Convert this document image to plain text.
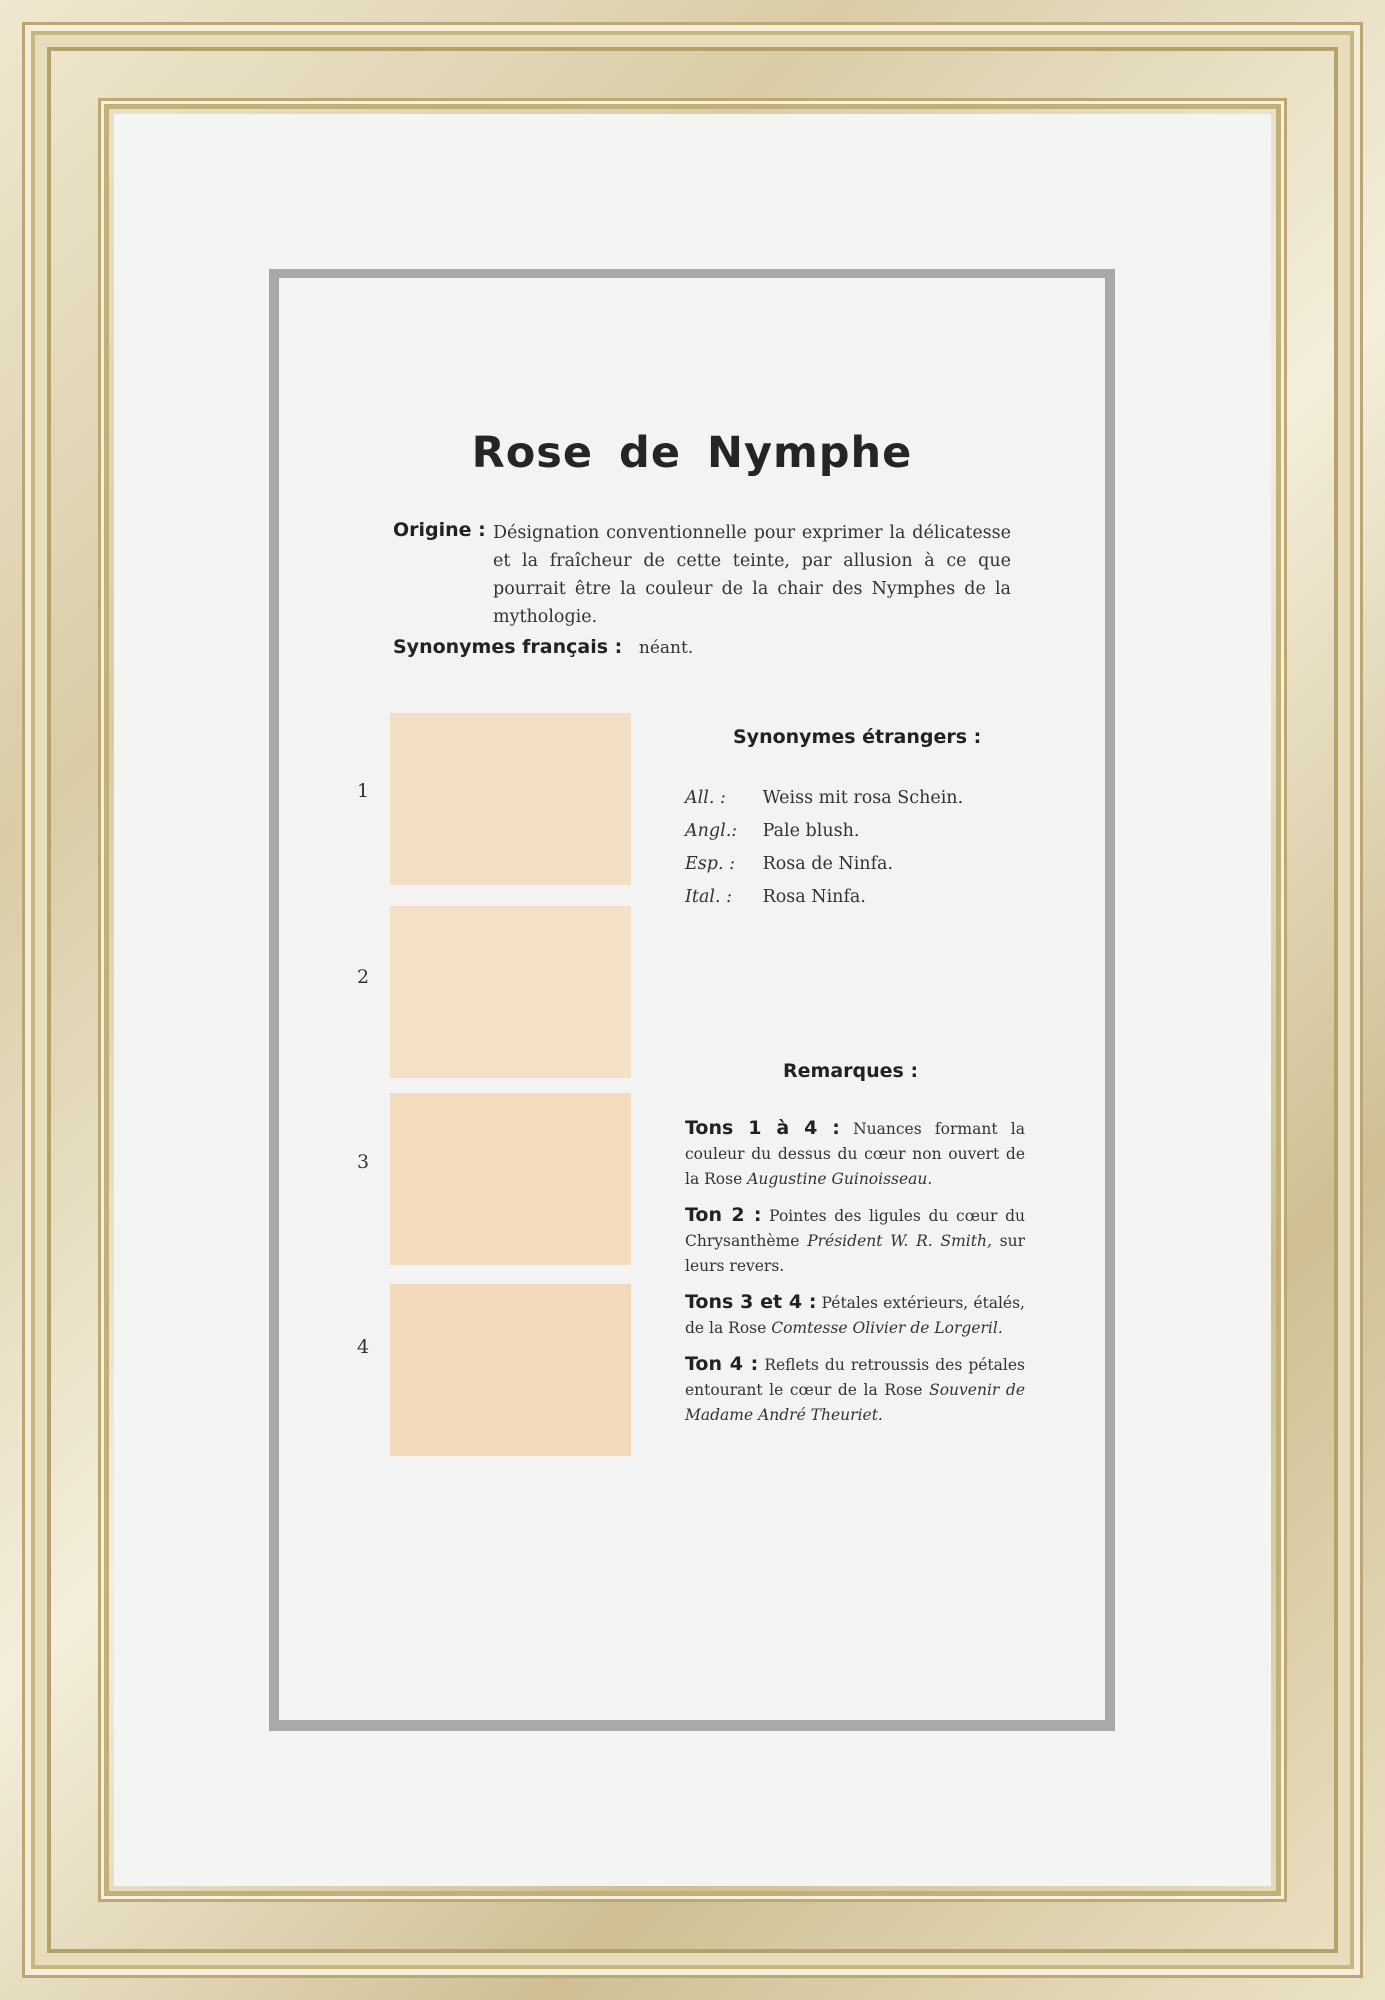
Rose de Nymphe
Origine : Désignation conventionnelle pour exprimer la délicatesse et la fraîcheur de cette teinte, par allusion à ce que pourrait être la couleur de la chair des Nymphes de la mythologie.
Synonymes français : néant.
1
2
3
4
Synonymes étrangers :
All. : Weiss mit rosa Schein.
Angl.: Pale blush.
Esp. : Rosa de Ninfa.
Ital. : Rosa Ninfa.
Remarques :
Tons 1 à 4 : Nuances formant la couleur du dessus du cœur non ouvert de la Rose Augustine Guinoisseau.
Ton 2 : Pointes des ligules du cœur du Chrysanthème Président W. R. Smith, sur leurs revers.
Tons 3 et 4 : Pétales extérieurs, étalés, de la Rose Comtesse Olivier de Lorgeril.
Ton 4 : Reflets du retroussis des pétales entourant le cœur de la Rose Souvenir de Madame André Theuriet.
